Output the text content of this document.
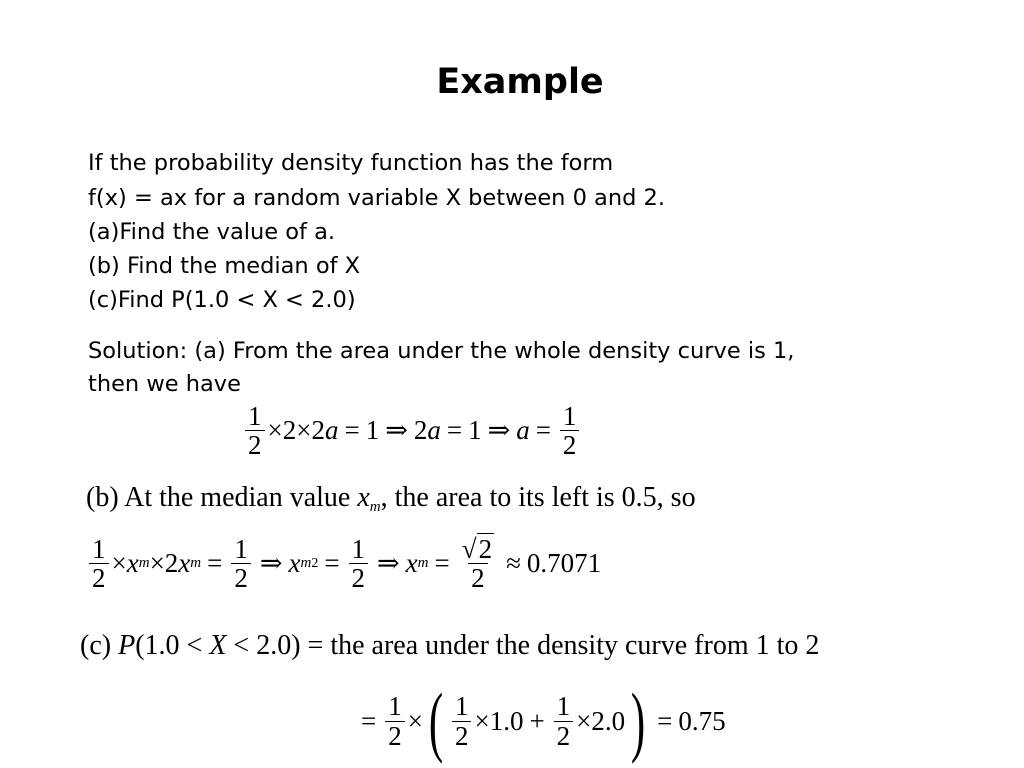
Example
If the probability density function has the form
f(x) = ax for a random variable X between 0 and 2.
(a)Find the value of a.
(b) Find the median of X
(c)Find P(1.0 < X < 2.0)
Solution: (a) From the area under the whole density curve is 1,
then we have
$\frac{1}{2} \times 2 \times 2$ a = 1 ⇒ 2 a = 1 ⇒ $a = \frac{1}{2}$
(b) At the median value $x_m$, the area to its left is 0.5, so
$\frac{1}{2} \times x$ m × 2 x $m = \frac{1}{2}$ ⇒ x m $2 = \frac{1}{2}$ ⇒ x $m = \frac{√2}{2} \approx 0.7071$
(c) P(1.0 < X < 2.0) = the area under the density curve from 1 to 2
= $\frac{1}{2}$ × ( $\frac{1}{2} \times 1.0 + \frac{1}{2} \times 2.0$ ) = 0.75
